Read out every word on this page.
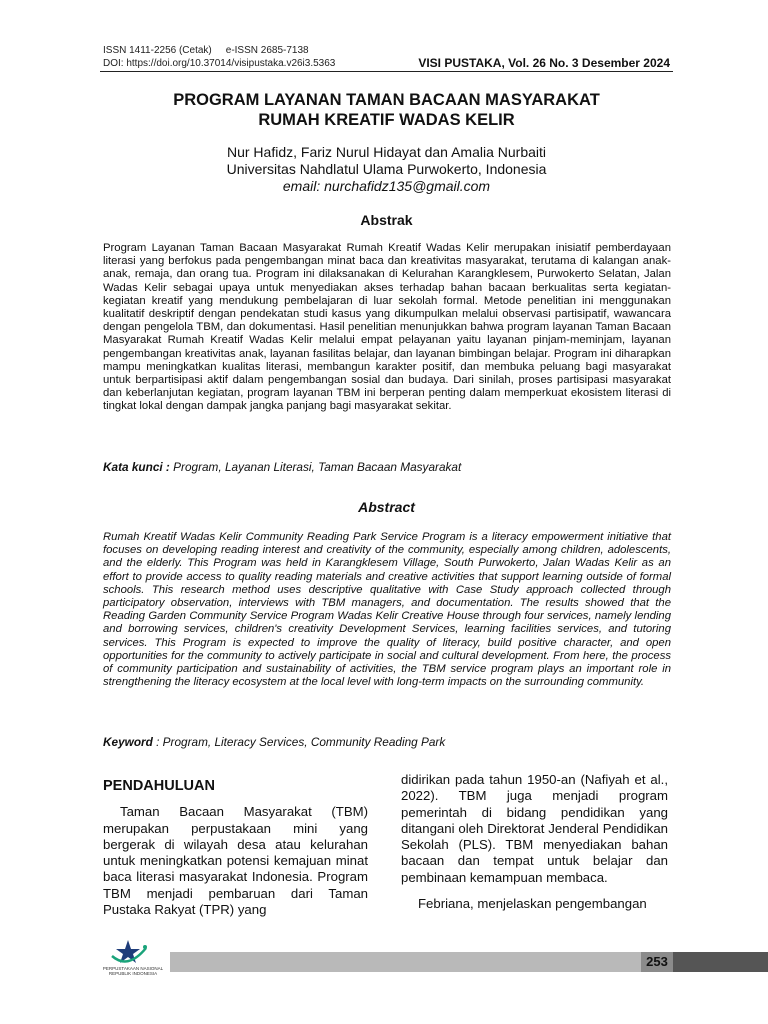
ISSN 1411-2256 (Cetak) e-ISSN 2685-7138
DOI: https://doi.org/10.37014/visipustaka.v26i3.5363	VISI PUSTAKA, Vol. 26 No. 3 Desember 2024
PROGRAM LAYANAN TAMAN BACAAN MASYARAKAT
RUMAH KREATIF WADAS KELIR
Nur Hafidz, Fariz Nurul Hidayat dan Amalia Nurbaiti
Universitas Nahdlatul Ulama Purwokerto, Indonesia
email: nurchafidz135@gmail.com
Abstrak
Program Layanan Taman Bacaan Masyarakat Rumah Kreatif Wadas Kelir merupakan inisiatif pemberdayaan literasi yang berfokus pada pengembangan minat baca dan kreativitas masyarakat, terutama di kalangan anak-anak, remaja, dan orang tua. Program ini dilaksanakan di Kelurahan Karangklesem, Purwokerto Selatan, Jalan Wadas Kelir sebagai upaya untuk menyediakan akses terhadap bahan bacaan berkualitas serta kegiatan-kegiatan kreatif yang mendukung pembelajaran di luar sekolah formal. Metode penelitian ini menggunakan kualitatif deskriptif dengan pendekatan studi kasus yang dikumpulkan melalui observasi partisipatif, wawancara dengan pengelola TBM, dan dokumentasi. Hasil penelitian menunjukkan bahwa program layanan Taman Bacaan Masyarakat Rumah Kreatif Wadas Kelir melalui empat pelayanan yaitu layanan pinjam-meminjam, layanan pengembangan kreativitas anak, layanan fasilitas belajar, dan layanan bimbingan belajar. Program ini diharapkan mampu meningkatkan kualitas literasi, membangun karakter positif, dan membuka peluang bagi masyarakat untuk berpartisipasi aktif dalam pengembangan sosial dan budaya. Dari sinilah, proses partisipasi masyarakat dan keberlanjutan kegiatan, program layanan TBM ini berperan penting dalam memperkuat ekosistem literasi di tingkat lokal dengan dampak jangka panjang bagi masyarakat sekitar.
Kata kunci : Program, Layanan Literasi, Taman Bacaan Masyarakat
Abstract
Rumah Kreatif Wadas Kelir Community Reading Park Service Program is a literacy empowerment initiative that focuses on developing reading interest and creativity of the community, especially among children, adolescents, and the elderly. This Program was held in Karangklesem Village, South Purwokerto, Jalan Wadas Kelir as an effort to provide access to quality reading materials and creative activities that support learning outside of formal schools. This research method uses descriptive qualitative with Case Study approach collected through participatory observation, interviews with TBM managers, and documentation. The results showed that the Reading Garden Community Service Program Wadas Kelir Creative House through four services, namely lending and borrowing services, children's creativity Development Services, learning facilities services, and tutoring services. This Program is expected to improve the quality of literacy, build positive character, and open opportunities for the community to actively participate in social and cultural development. From here, the process of community participation and sustainability of activities, the TBM service program plays an important role in strengthening the literacy ecosystem at the local level with long-term impacts on the surrounding community.
Keyword : Program, Literacy Services, Community Reading Park
PENDAHULUAN

Taman Bacaan Masyarakat (TBM) merupakan perpustakaan mini yang bergerak di wilayah desa atau kelurahan untuk meningkatkan potensi kemajuan minat baca literasi masyarakat Indonesia. Program TBM menjadi pembaruan dari Taman Pustaka Rakyat (TPR) yang

didirikan pada tahun 1950-an (Nafiyah et al., 2022). TBM juga menjadi program pemerintah di bidang pendidikan yang ditangani oleh Direktorat Jenderal Pendidikan Sekolah (PLS). TBM menyediakan bahan bacaan dan tempat untuk belajar dan pembinaan kemampuan membaca.

Febriana, menjelaskan pengembangan

PERPUSTAKAAN NASIONAL
REPUBLIK INDONESIA
253
